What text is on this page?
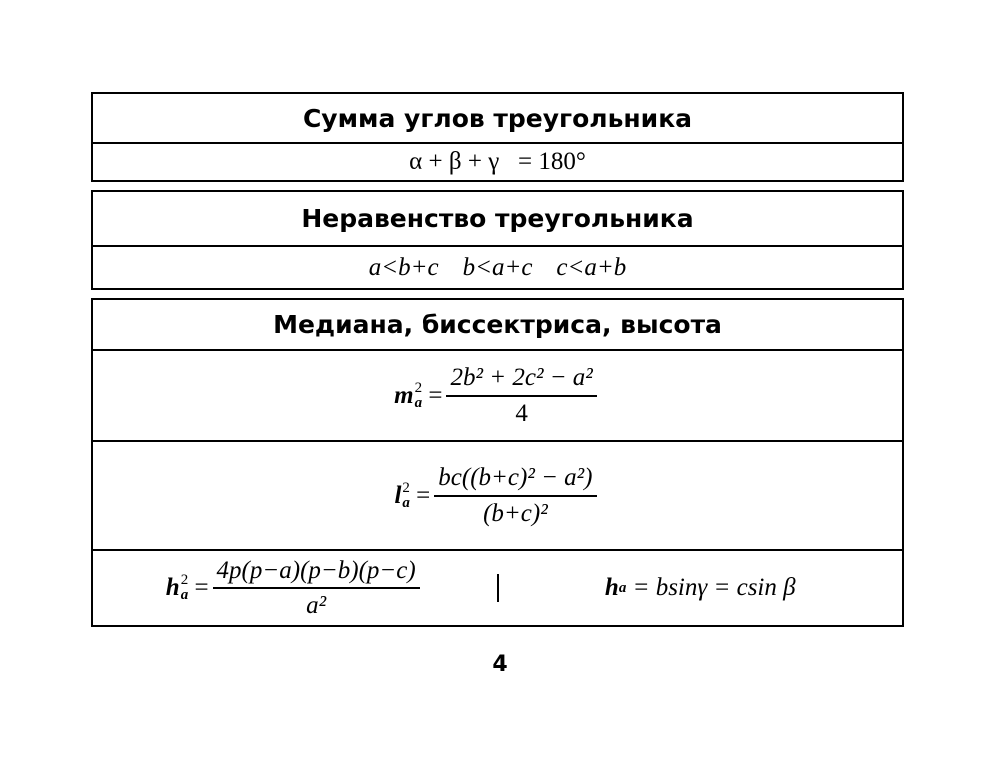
Сумма углов треугольника
α
+
β
+
γ
=
180 °
Неравенство треугольника
a<b+c b<a+c c<a+b
Медиана, биссектриса, высота
m 2
$a = \frac{\text{2b² + 2c² − a²}}{4}$
l 2
$a = \frac{\text{bc((b+c)² − a²)}}{\text{(b+c)²}}$
h 2
$a = \frac{4p(p-a)(p-b)(p-c)}{\text{a²}}$	h a
= bsinγ = csin β
4
